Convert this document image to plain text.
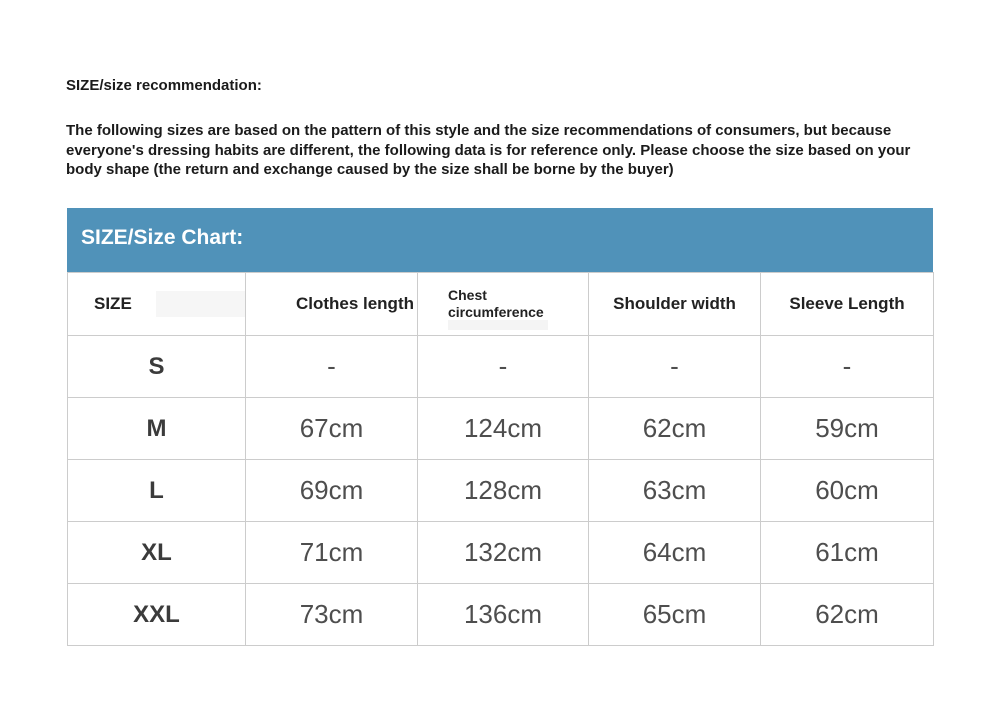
SIZE/size recommendation:

The following sizes are based on the pattern of this style and the size recommendations of consumers, but because everyone's dressing habits are different, the following data is for reference only. Please choose the size based on your body shape (the return and exchange caused by the size shall be borne by the buyer)

SIZE/Size Chart:
SIZE	Clothes length	Chest circumference	Shoulder width	Sleeve Length
S	-	-	-	-
M	67cm	124cm	62cm	59cm
L	69cm	128cm	63cm	60cm
XL	71cm	132cm	64cm	61cm
XXL	73cm	136cm	65cm	62cm
